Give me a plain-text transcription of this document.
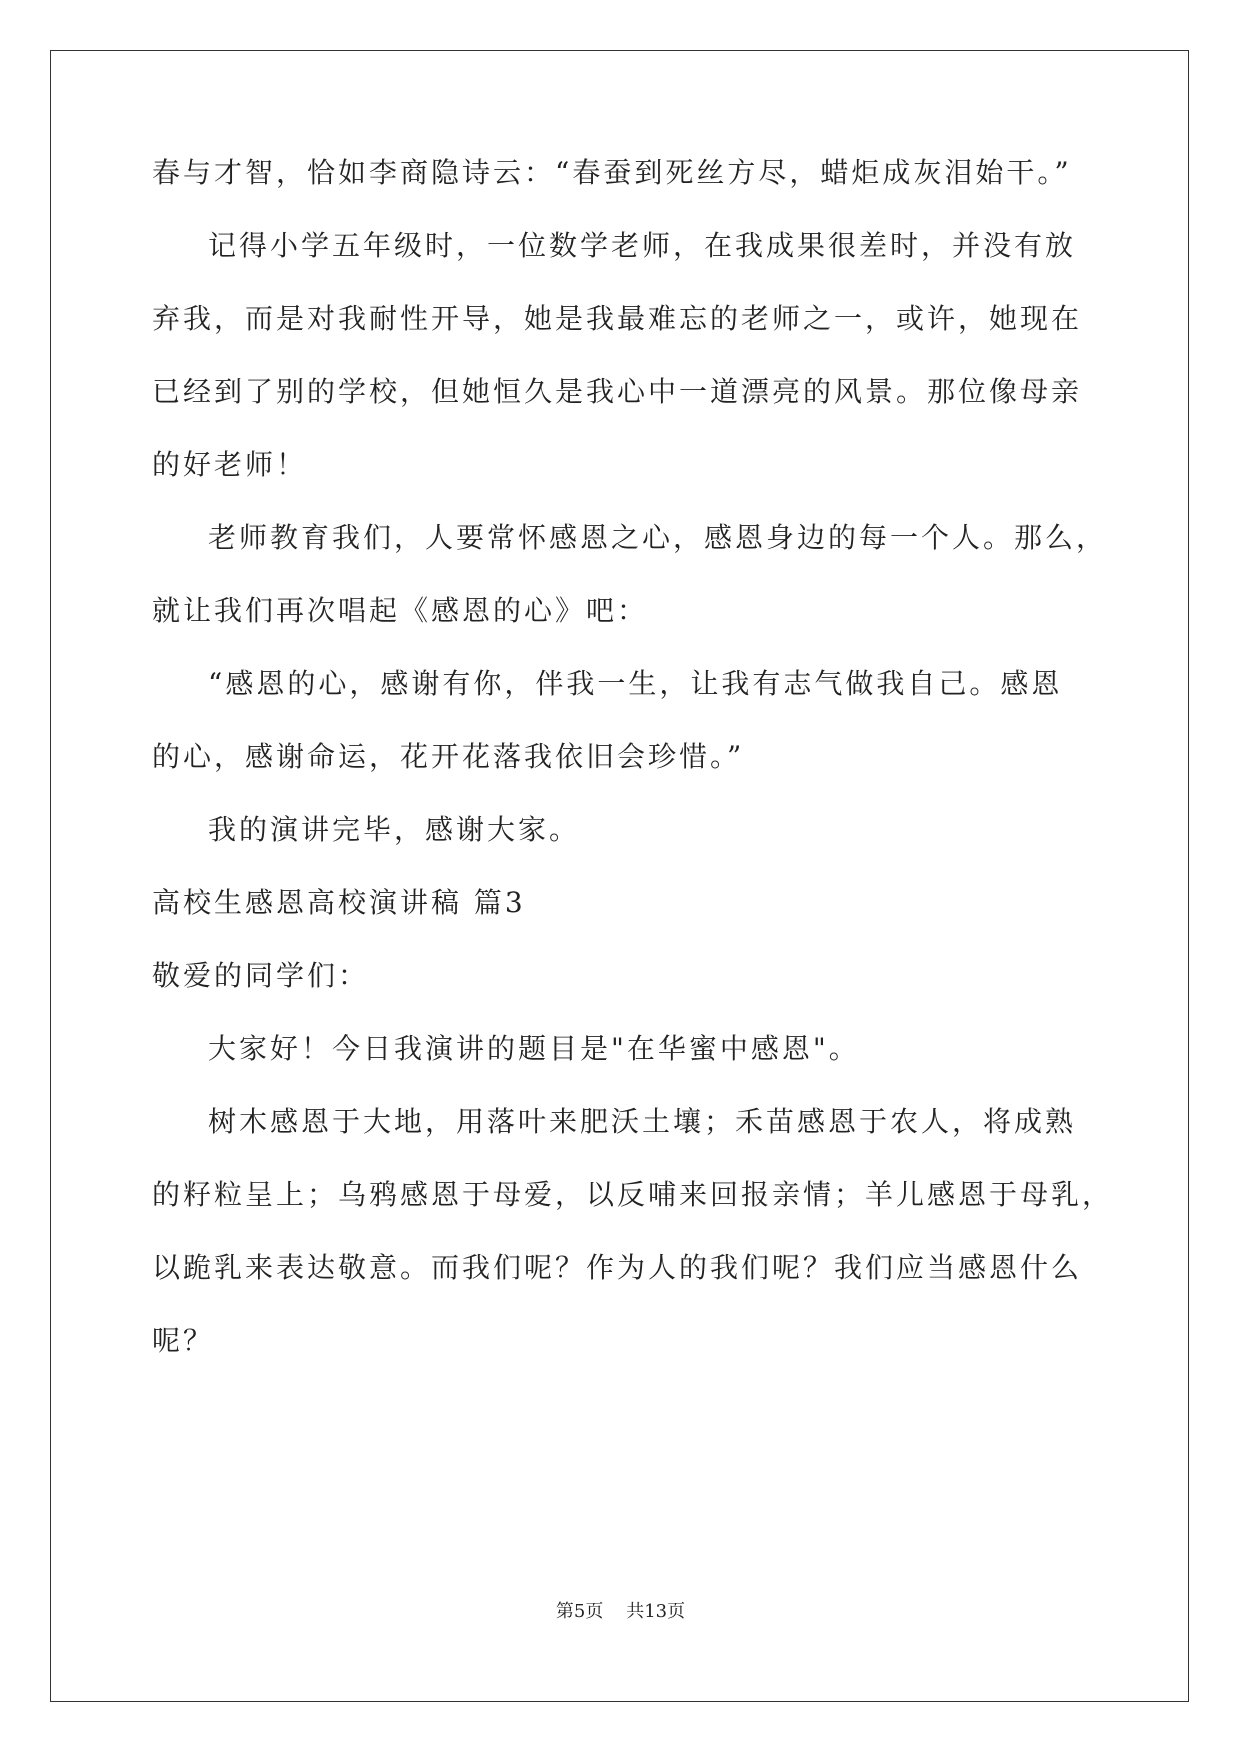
春与才智，恰如李商隐诗云：“春蚕到死丝方尽，蜡炬成灰泪始干。”
记得小学五年级时，一位数学老师，在我成果很差时，并没有放
弃我，而是对我耐性开导，她是我最难忘的老师之一，或许，她现在
已经到了别的学校，但她恒久是我心中一道漂亮的风景。那位像母亲
的好老师！
老师教育我们，人要常怀感恩之心，感恩身边的每一个人。那么，
就让我们再次唱起《感恩的心》吧：
“感恩的心，感谢有你，伴我一生，让我有志气做我自己。感恩
的心，感谢命运，花开花落我依旧会珍惜。”
我的演讲完毕，感谢大家。
高校生感恩高校演讲稿 篇3
敬爱的同学们：
大家好！今日我演讲的题目是"在华蜜中感恩"。
树木感恩于大地，用落叶来肥沃土壤；禾苗感恩于农人，将成熟
的籽粒呈上；乌鸦感恩于母爱，以反哺来回报亲情；羊儿感恩于母乳，
以跪乳来表达敬意。而我们呢？作为人的我们呢？我们应当感恩什么
呢？
第5页 共13页
